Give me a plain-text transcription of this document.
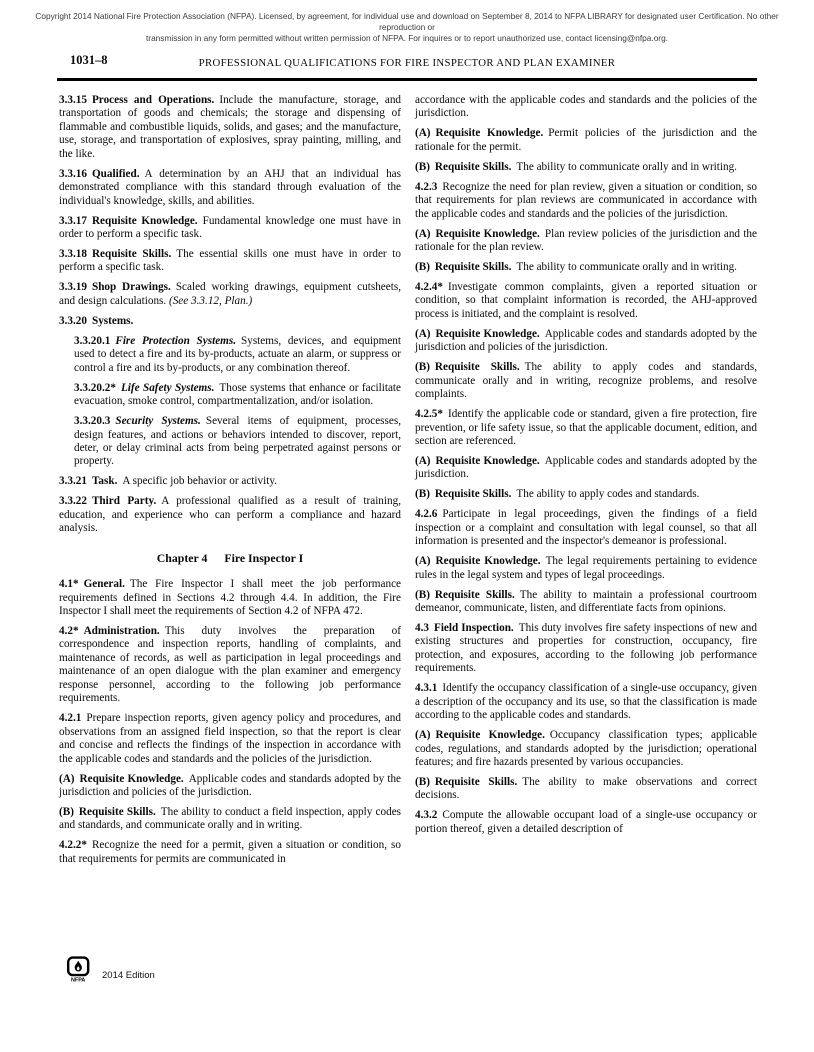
Copyright 2014 National Fire Protection Association (NFPA). Licensed, by agreement, for individual use and download on September 8, 2014 to NFPA LIBRARY for designated user Certification. No other reproduction or
transmission in any form permitted without written permission of NFPA. For inquires or to report unauthorized use, contact licensing@nfpa.org.
1031–8	PROFESSIONAL QUALIFICATIONS FOR FIRE INSPECTOR AND PLAN EXAMINER

3.3.15 Process and Operations. Include the manufacture, storage, and transportation of goods and chemicals; the storage and dispensing of flammable and combustible liquids, solids, and gases; and the manufacture, use, storage, and transportation of explosives, spray painting, milling, and the like.

3.3.16 Qualified. A determination by an AHJ that an individual has demonstrated compliance with this standard through evaluation of the individual's knowledge, skills, and abilities.

3.3.17 Requisite Knowledge. Fundamental knowledge one must have in order to perform a specific task.

3.3.18 Requisite Skills. The essential skills one must have in order to perform a specific task.

3.3.19 Shop Drawings. Scaled working drawings, equipment cutsheets, and design calculations. (See 3.3.12, Plan.)

3.3.20 Systems.

3.3.20.1 Fire Protection Systems. Systems, devices, and equipment used to detect a fire and its by-products, actuate an alarm, or suppress or control a fire and its by-products, or any combination thereof.

3.3.20.2* Life Safety Systems. Those systems that enhance or facilitate evacuation, smoke control, compartmentalization, and/or isolation.

3.3.20.3 Security Systems. Several items of equipment, processes, design features, and actions or behaviors intended to discover, report, deter, or delay criminal acts from being perpetrated against persons or property.

3.3.21 Task. A specific job behavior or activity.

3.3.22 Third Party. A professional qualified as a result of training, education, and experience who can perform a compliance and hazard analysis.

Chapter 4 Fire Inspector I

4.1* General. The Fire Inspector I shall meet the job performance requirements defined in Sections 4.2 through 4.4. In addition, the Fire Inspector I shall meet the requirements of Section 4.2 of NFPA 472.

4.2* Administration. This duty involves the preparation of correspondence and inspection reports, handling of complaints, and maintenance of records, as well as participation in legal proceedings and maintenance of an open dialogue with the plan examiner and emergency response personnel, according to the following job performance requirements.

4.2.1 Prepare inspection reports, given agency policy and procedures, and observations from an assigned field inspection, so that the report is clear and concise and reflects the findings of the inspection in accordance with the applicable codes and standards and the policies of the jurisdiction.

(A) Requisite Knowledge. Applicable codes and standards adopted by the jurisdiction and policies of the jurisdiction.

(B) Requisite Skills. The ability to conduct a field inspection, apply codes and standards, and communicate orally and in writing.

4.2.2* Recognize the need for a permit, given a situation or condition, so that requirements for permits are communicated in

accordance with the applicable codes and standards and the policies of the jurisdiction.

(A) Requisite Knowledge. Permit policies of the jurisdiction and the rationale for the permit.

(B) Requisite Skills. The ability to communicate orally and in writing.

4.2.3 Recognize the need for plan review, given a situation or condition, so that requirements for plan reviews are communicated in accordance with the applicable codes and standards and the policies of the jurisdiction.

(A) Requisite Knowledge. Plan review policies of the jurisdiction and the rationale for the plan review.

(B) Requisite Skills. The ability to communicate orally and in writing.

4.2.4* Investigate common complaints, given a reported situation or condition, so that complaint information is recorded, the AHJ-approved process is initiated, and the complaint is resolved.

(A) Requisite Knowledge. Applicable codes and standards adopted by the jurisdiction and policies of the jurisdiction.

(B) Requisite Skills. The ability to apply codes and standards, communicate orally and in writing, recognize problems, and resolve complaints.

4.2.5* Identify the applicable code or standard, given a fire protection, fire prevention, or life safety issue, so that the applicable document, edition, and section are referenced.

(A) Requisite Knowledge. Applicable codes and standards adopted by the jurisdiction.

(B) Requisite Skills. The ability to apply codes and standards.

4.2.6 Participate in legal proceedings, given the findings of a field inspection or a complaint and consultation with legal counsel, so that all information is presented and the inspector's demeanor is professional.

(A) Requisite Knowledge. The legal requirements pertaining to evidence rules in the legal system and types of legal proceedings.

(B) Requisite Skills. The ability to maintain a professional courtroom demeanor, communicate, listen, and differentiate facts from opinions.

4.3 Field Inspection. This duty involves fire safety inspections of new and existing structures and properties for construction, occupancy, fire protection, and exposures, according to the following job performance requirements.

4.3.1 Identify the occupancy classification of a single-use occupancy, given a description of the occupancy and its use, so that the classification is made according to the applicable codes and standards.

(A) Requisite Knowledge. Occupancy classification types; applicable codes, regulations, and standards adopted by the jurisdiction; operational features; and fire hazards presented by various occupancies.

(B) Requisite Skills. The ability to make observations and correct decisions.

4.3.2 Compute the allowable occupant load of a single-use occupancy or portion thereof, given a detailed description of

NFPA 2014 Edition
